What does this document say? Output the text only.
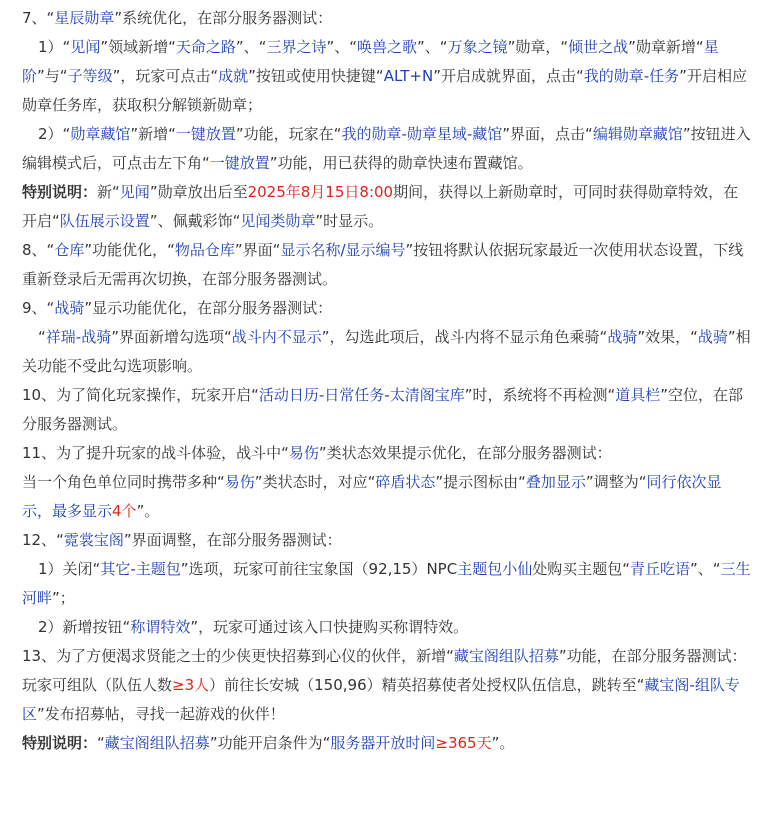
7、“星辰勋章”系统优化，在部分服务器测试：

1）“见闻”领域新增“天命之路”、“三界之诗”、“唤兽之歌”、“万象之镜”勋章，“倾世之战”勋章新增“星阶”与“子等级”，玩家可点击“成就”按钮或使用快捷键“ALT+N”开启成就界面，点击“我的勋章-任务”开启相应勋章任务库，获取积分解锁新勋章；

2）“勋章藏馆”新增“一键放置”功能，玩家在“我的勋章-勋章星域-藏馆”界面，点击“编辑勋章藏馆”按钮进入编辑模式后，可点击左下角“一键放置”功能，用已获得的勋章快速布置藏馆。

特别说明：新“见闻”勋章放出后至2025年8月15日8:00期间，获得以上新勋章时，可同时获得勋章特效，在开启“队伍展示设置”、佩戴彩饰“见闻类勋章”时显示。

8、“仓库”功能优化，“物品仓库”界面“显示名称/显示编号”按钮将默认依据玩家最近一次使用状态设置，下线重新登录后无需再次切换，在部分服务器测试。

9、“战骑”显示功能优化，在部分服务器测试：

“祥瑞-战骑”界面新增勾选项“战斗内不显示”，勾选此项后，战斗内将不显示角色乘骑“战骑”效果，“战骑”相关功能不受此勾选项影响。

10、为了简化玩家操作，玩家开启“活动日历-日常任务-太清阁宝库”时，系统将不再检测“道具栏”空位，在部分服务器测试。

11、为了提升玩家的战斗体验，战斗中“易伤”类状态效果提示优化，在部分服务器测试：

当一个角色单位同时携带多种“易伤”类状态时，对应“碎盾状态”提示图标由“叠加显示”调整为“同行依次显示，最多显示4个”。

12、“霓裳宝阁”界面调整，在部分服务器测试：

1）关闭“其它-主题包”选项，玩家可前往宝象国（92,15）NPC主题包小仙处购买主题包“青丘吃语”、“三生河畔”；

2）新增按钮“称谓特效”，玩家可通过该入口快捷购买称谓特效。

13、为了方便渴求贤能之士的少侠更快招募到心仪的伙伴，新增“藏宝阁组队招募”功能，在部分服务器测试：

玩家可组队（队伍人数≥3人）前往长安城（150,96）精英招募使者处授权队伍信息，跳转至“藏宝阁-组队专区”发布招募帖，寻找一起游戏的伙伴！

特别说明：“藏宝阁组队招募”功能开启条件为“服务器开放时间≥365天”。
